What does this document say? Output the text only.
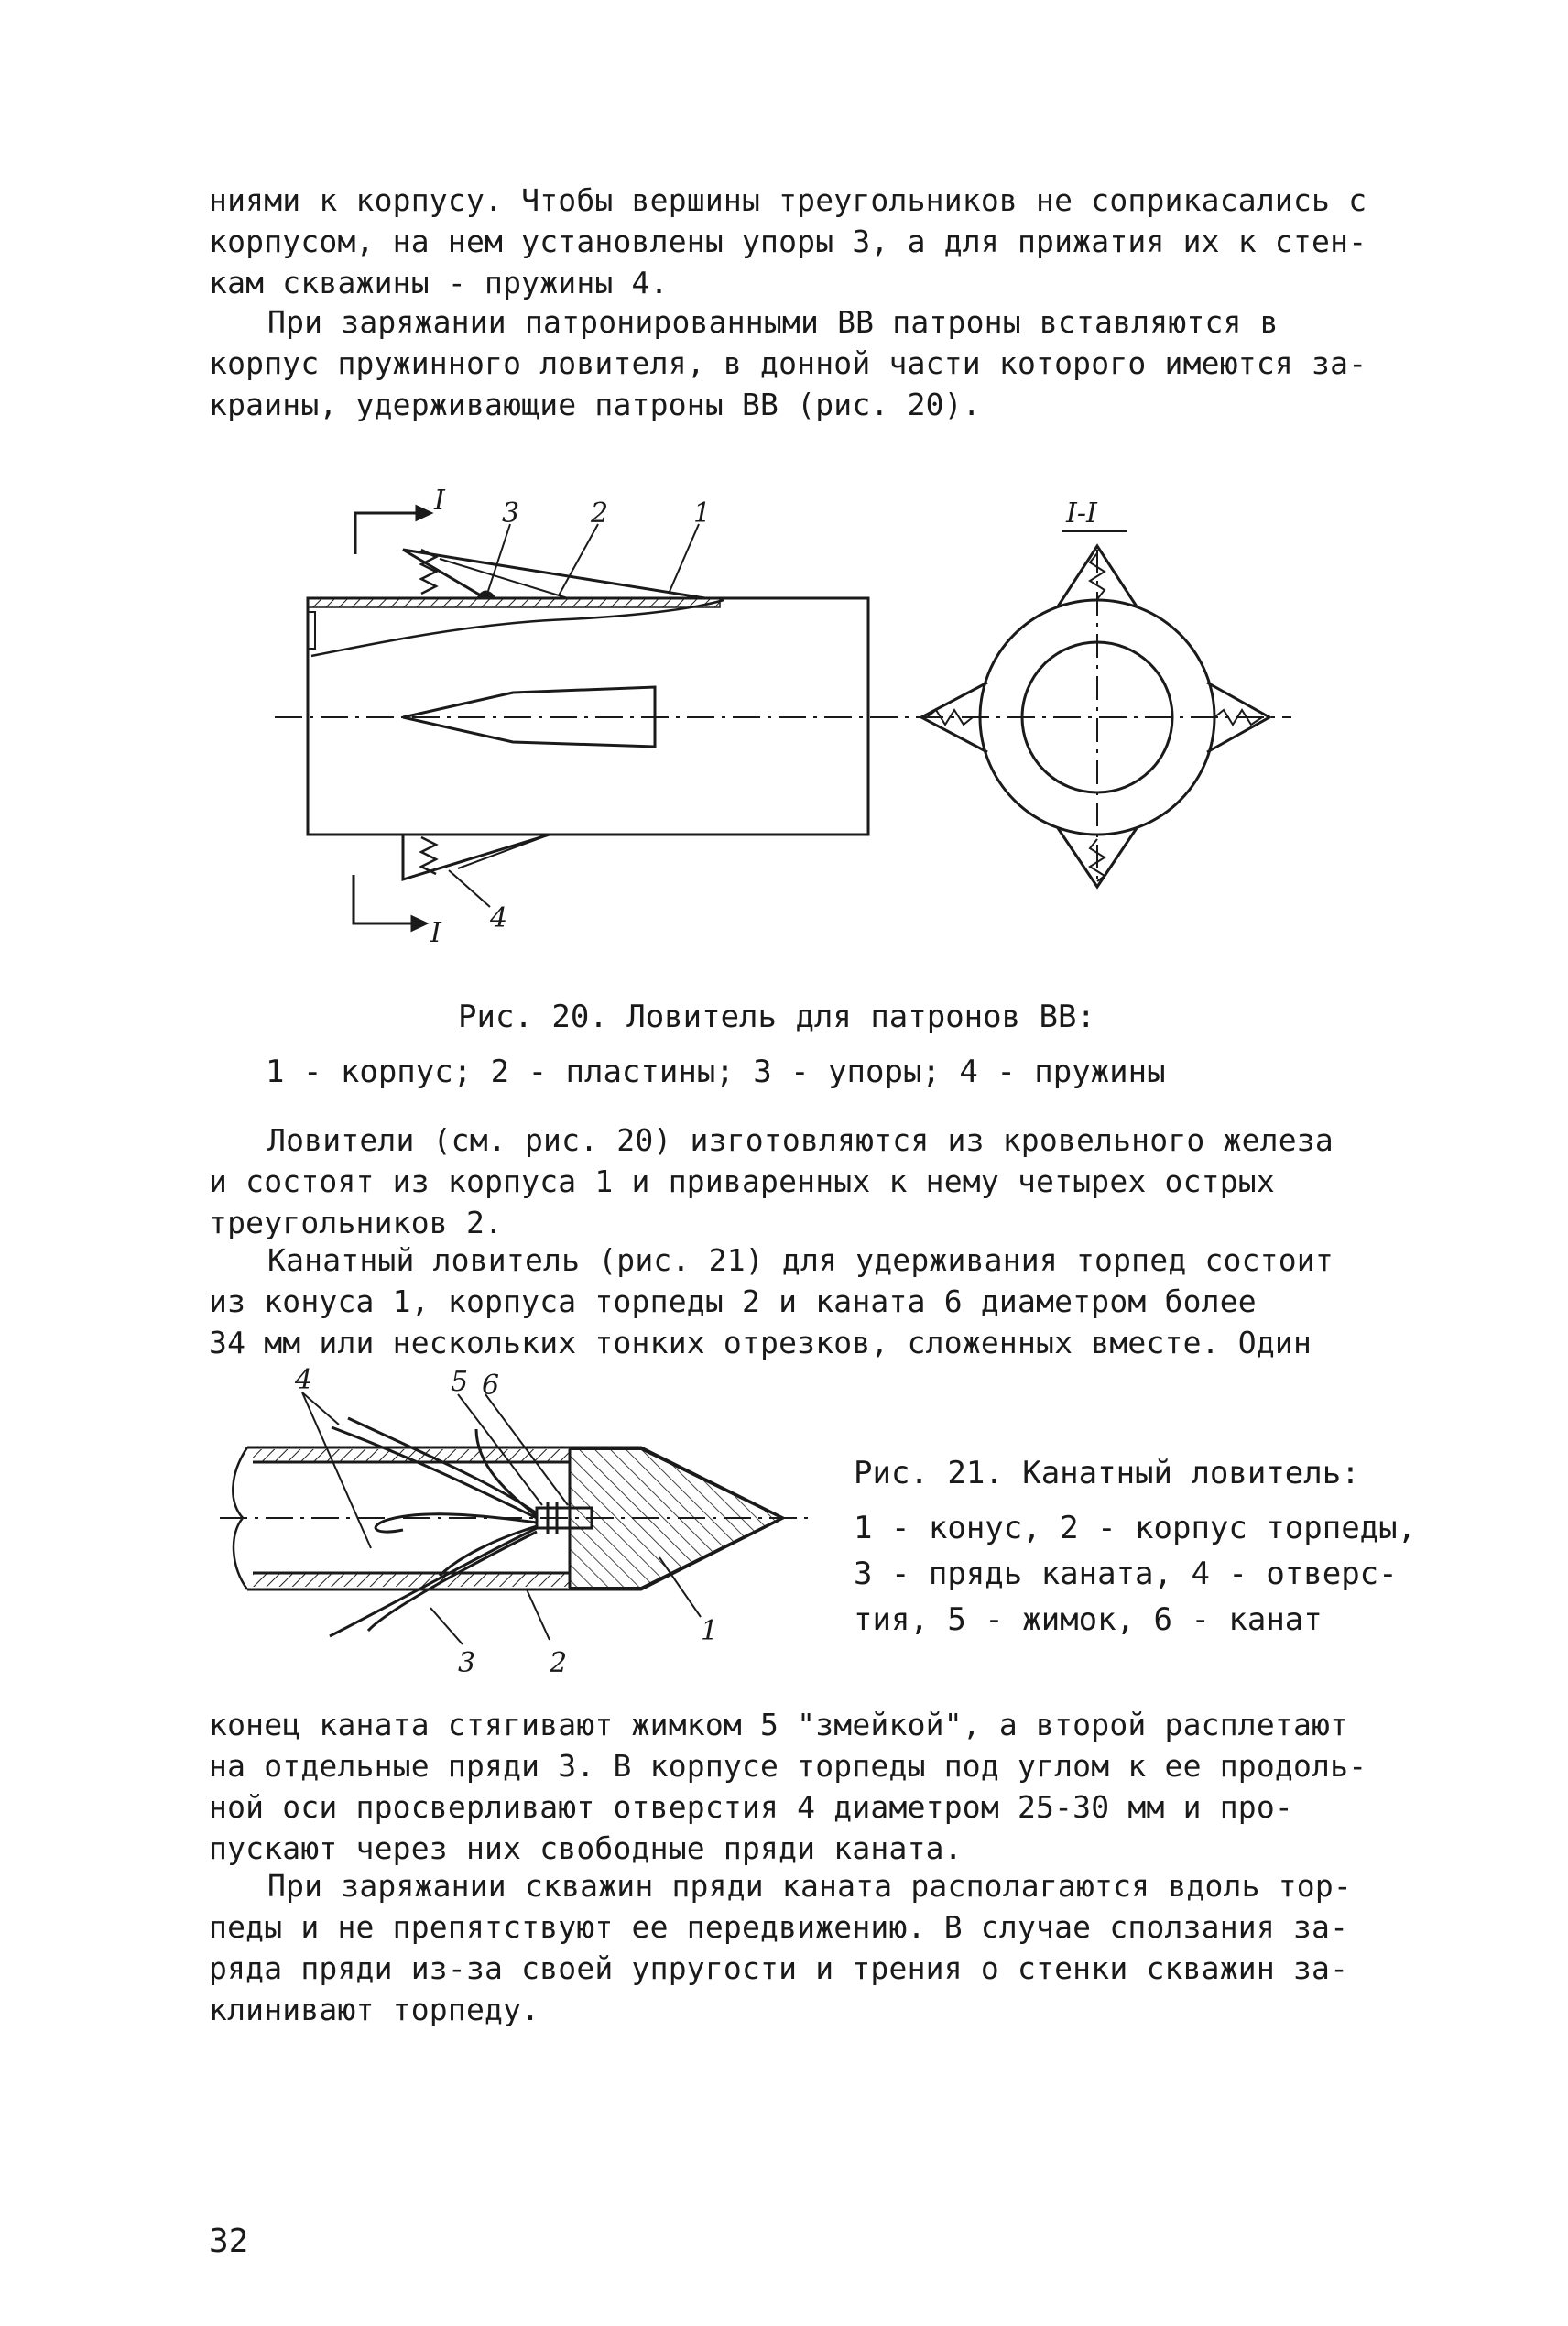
ниями к корпусу. Чтобы вершины треугольников не соприкасались с
корпусом, на нем установлены упоры 3, а для прижатия их к стен-
кам скважины - пружины 4.
При заряжании патронированными ВВ патроны вставляются в
корпус пружинного ловителя, в донной части которого имеются за-
краины, удерживающие патроны ВВ (рис. 20).
I
I
3	2	1
4
I-I
Рис. 20. Ловитель для патронов ВВ:
1 - корпус; 2 - пластины; 3 - упоры; 4 - пружины
Ловители (см. рис. 20) изготовляются из кровельного железа
и состоят из корпуса 1 и приваренных к нему четырех острых
треугольников 2.
Канатный ловитель (рис. 21) для удерживания торпед состоит
из конуса 1, корпуса торпеды 2 и каната 6 диаметром более
34 мм или нескольких тонких отрезков, сложенных вместе. Один
4	5 6
3	2
1
Рис. 21. Канатный ловитель:
1 - конус, 2 - корпус торпеды,
3 - прядь каната, 4 - отверс-
тия, 5 - жимок, 6 - канат
конец каната стягивают жимком 5 "змейкой", а второй расплетают
на отдельные пряди 3. В корпусе торпеды под углом к ее продоль-
ной оси просверливают отверстия 4 диаметром 25-30 мм и про-
пускают через них свободные пряди каната.
При заряжании скважин пряди каната располагаются вдоль тор-
педы и не препятствуют ее передвижению. В случае сползания за-
ряда пряди из-за своей упругости и трения о стенки скважин за-
клинивают торпеду.
32
